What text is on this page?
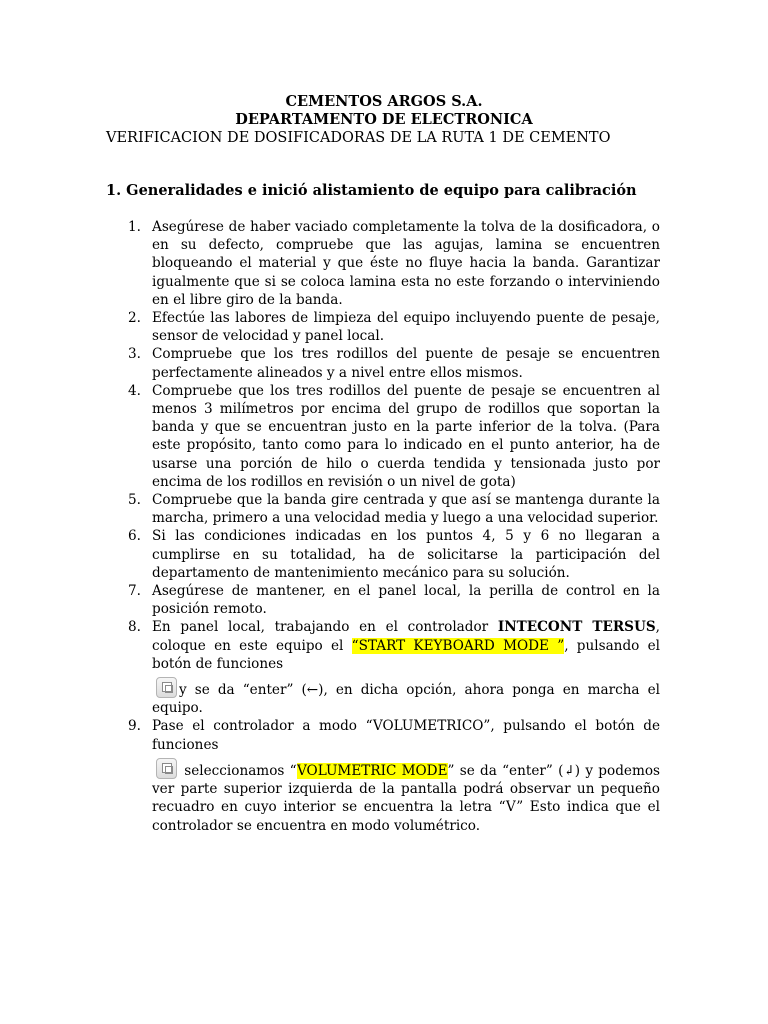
CEMENTOS ARGOS S.A.
DEPARTAMENTO DE ELECTRONICA
VERIFICACION DE DOSIFICADORAS DE LA RUTA 1 DE CEMENTO
1. Generalidades e inició alistamiento de equipo para calibración
1. Asegúrese de haber vaciado completamente la tolva de la dosificadora, o en su defecto, compruebe que las agujas, lamina se encuentren bloqueando el material y que éste no fluye hacia la banda. Garantizar igualmente que si se coloca lamina esta no este forzando o interviniendo en el libre giro de la banda.
2. Efectúe las labores de limpieza del equipo incluyendo puente de pesaje, sensor de velocidad y panel local.
3. Compruebe que los tres rodillos del puente de pesaje se encuentren perfectamente alineados y a nivel entre ellos mismos.
4. Compruebe que los tres rodillos del puente de pesaje se encuentren al menos 3 milímetros por encima del grupo de rodillos que soportan la banda y que se encuentran justo en la parte inferior de la tolva. (Para este propósito, tanto como para lo indicado en el punto anterior, ha de usarse una porción de hilo o cuerda tendida y tensionada justo por encima de los rodillos en revisión o un nivel de gota)
5. Compruebe que la banda gire centrada y que así se mantenga durante la marcha, primero a una velocidad media y luego a una velocidad superior.
6. Si las condiciones indicadas en los puntos 4, 5 y 6 no llegaran a cumplirse en su totalidad, ha de solicitarse la participación del departamento de mantenimiento mecánico para su solución.
7. Asegúrese de mantener, en el panel local, la perilla de control en la posición remoto.
8. En panel local, trabajando en el controlador INTECONT TERSUS, coloque en este equipo el “START KEYBOARD MODE ”, pulsando el botón de funciones
y se da “enter” (←), en dicha opción, ahora ponga en marcha el equipo.
9. Pase el controlador a modo “VOLUMETRICO”, pulsando el botón de funciones
seleccionamos “VOLUMETRIC MODE” se da “enter” (↲) y podemos ver parte superior izquierda de la pantalla podrá observar un pequeño recuadro en cuyo interior se encuentra la letra “V” Esto indica que el controlador se encuentra en modo volumétrico.
